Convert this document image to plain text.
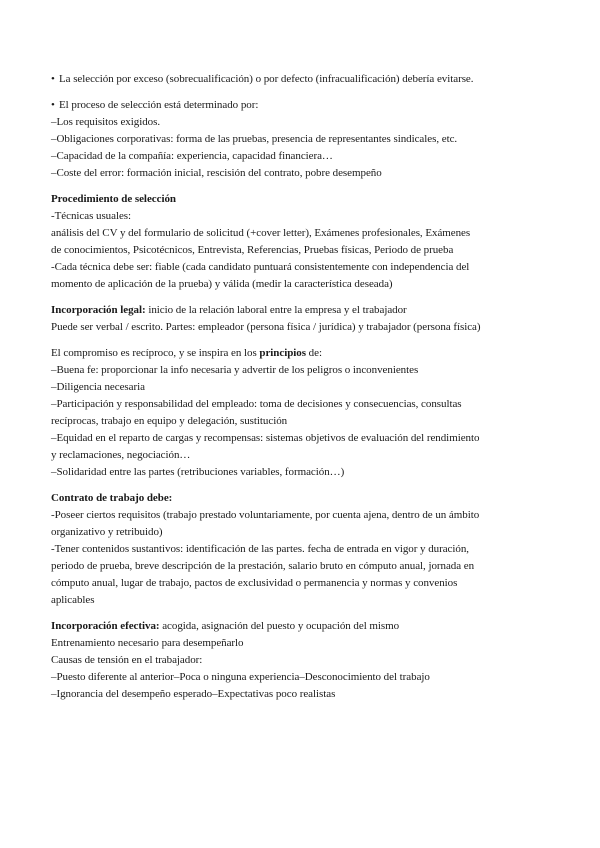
• La selección por exceso (sobrecualificación) o por defecto (infracualificación) debería evitarse.

• El proceso de selección está determinado por:

–Los requisitos exigidos.

–Obligaciones corporativas: forma de las pruebas, presencia de representantes sindicales, etc.

–Capacidad de la compañía: experiencia, capacidad financiera…

–Coste del error: formación inicial, rescisión del contrato, pobre desempeño

Procedimiento de selección

-Técnicas usuales:

análisis del CV y del formulario de solicitud (+cover letter), Exámenes profesionales, Exámenes

de conocimientos, Psicotécnicos, Entrevista, Referencias, Pruebas físicas, Periodo de prueba

-Cada técnica debe ser: fiable (cada candidato puntuará consistentemente con independencia del

momento de aplicación de la prueba) y válida (medir la característica deseada)

Incorporación legal: inicio de la relación laboral entre la empresa y el trabajador

Puede ser verbal / escrito. Partes: empleador (persona física / jurídica) y trabajador (persona física)

El compromiso es recíproco, y se inspira en los principios de:

–Buena fe: proporcionar la info necesaria y advertir de los peligros o inconvenientes

–Diligencia necesaria

–Participación y responsabilidad del empleado: toma de decisiones y consecuencias, consultas

recíprocas, trabajo en equipo y delegación, sustitución

–Equidad en el reparto de cargas y recompensas: sistemas objetivos de evaluación del rendimiento

y reclamaciones, negociación…

–Solidaridad entre las partes (retribuciones variables, formación…)

Contrato de trabajo debe:

-Poseer ciertos requisitos (trabajo prestado voluntariamente, por cuenta ajena, dentro de un ámbito

organizativo y retribuido)

-Tener contenidos sustantivos: identificación de las partes. fecha de entrada en vigor y duración,

periodo de prueba, breve descripción de la prestación, salario bruto en cómputo anual, jornada en

cómputo anual, lugar de trabajo, pactos de exclusividad o permanencia y normas y convenios

aplicables

Incorporación efectiva: acogida, asignación del puesto y ocupación del mismo

Entrenamiento necesario para desempeñarlo

Causas de tensión en el trabajador:

–Puesto diferente al anterior–Poca o ninguna experiencia–Desconocimiento del trabajo

–Ignorancia del desempeño esperado–Expectativas poco realistas
